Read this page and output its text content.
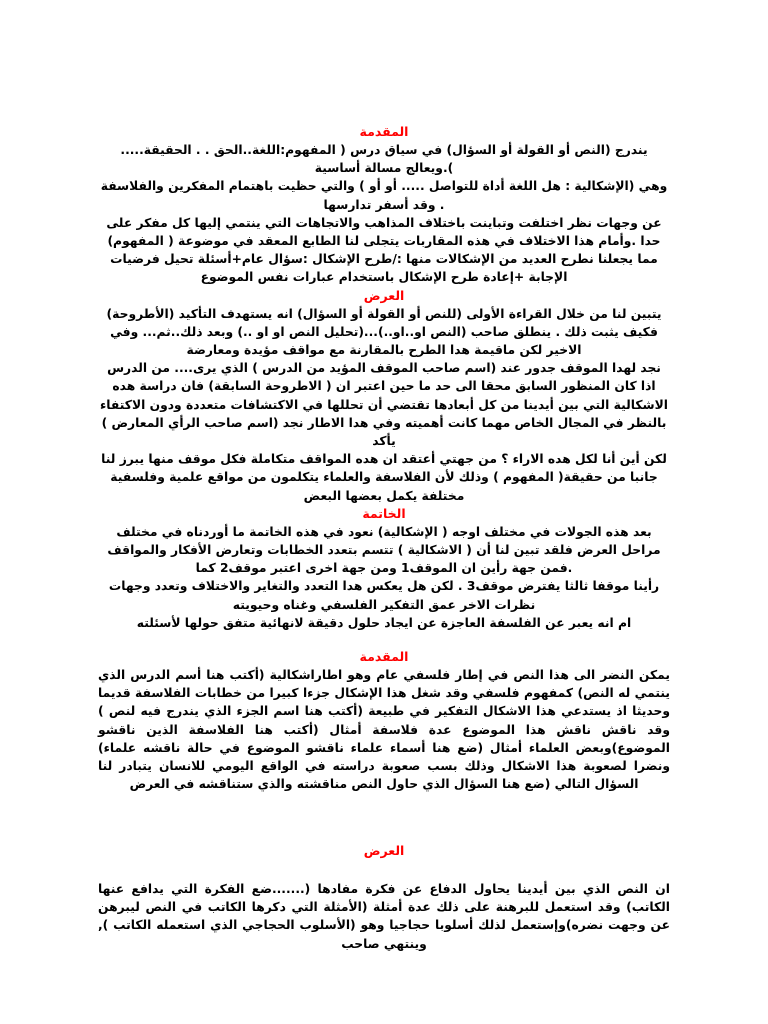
المقدمة

يندرج (النص أو القولة أو السؤال) في سياق درس ( المفهوم:اللغة..الحق . . الحقيقة..... ).ويعالج مسالة أساسية

وهي (الإشكالية : هل اللغة أداة للتواصل ..... أو أو ) والتي حظيت باهتمام المفكرين والفلاسفة . وقد أسفر تدارسها

عن وجهات نظر اختلفت وتباينت باختلاف المذاهب والاتجاهات التي ينتمي إليها كل مفكر على حدا .وأمام هذا الاختلاف في هذه المقاربات يتجلى لنا الطابع المعقد في موضوعة ( المفهوم) مما يجعلنا نطرح العديد من الإشكالات منها :/طرح الإشكال :سؤال عام+أسئلة تحيل فرضيات الإجابة +إعادة طرح الإشكال باستخدام عبارات نفس الموضوع

العرض

يتبين لنا من خلال القراءة الأولى (للنص أو القولة أو السؤال) انه يستهدف التأكيد (الأطروحة) فكيف يثبت ذلك . ينطلق صاحب (النص او..او..)...(تحليل النص او او ..) وبعد ذلك..ثم... وفي الاخير لكن ماقيمة هدا الطرح بالمقارنة مع مواقف مؤيدة ومعارضة

نجد لهدا الموقف جدور عند (اسم صاحب الموقف المؤيد من الدرس ) الذي يرى.... من الدرس اذا كان المنظور السابق محقا الى حد ما حين اعتبر ان ( الاطروحة السابقة) فان دراسة هده الاشكالية التي بين أيدينا من كل أبعادها تقتضي أن تحللها في الاكتشافات متعددة ودون الاكتفاء بالنظر في المجال الخاص مهما كانت أهميته وفي هدا الاطار نجد (اسم صاحب الرأي المعارض ) يأكد

لكن أين أنا لكل هده الاراء ؟ من جهتي أعتقد ان هده المواقف متكاملة فكل موقف منها يبرز لنا جانبا من حقيقة( المفهوم ) وذلك لأن الفلاسفة والعلماء يتكلمون من مواقع علمية وفلسفية مختلفة يكمل بعضها البعض

الخاتمة

بعد هذه الجولات في مختلف اوجه ( الإشكالية) نعود في هذه الخاتمة ما أوردناه في مختلف مراحل العرض فلقد تبين لنا أن ( الاشكالية ) تتسم بتعدد الخطابات وتعارض الأفكار والمواقف .فمن جهة رأين ان الموقف1 ومن جهة اخرى اعتبر موقف2 كما

رأينا موقفا ثالثا يفترض موقف3 . لكن هل يعكس هدا التعدد والتغاير والاختلاف وتعدد وجهات نظرات الاخر عمق التفكير الفلسفي وغناه وحيويته

ام انه يعبر عن الفلسفة العاجزة عن ايجاد حلول دقيقة لانهائية متفق حولها لأسئلته

المقدمة

يمكن النضر الى هذا النص في إطار فلسفي عام وهو اطاراشكالية (أكتب هنا أسم الدرس الذي ينتمي له النص) كمفهوم فلسفي وقد شغل هذا الإشكال جزءا كبيرا من خطابات الفلاسفة قديما وحديثا اذ يستدعي هذا الاشكال التفكير في طبيعة (أكتب هنا اسم الجزء الذي يندرج فيه لنص ) وقد ناقش ناقش هذا الموضوع عدة فلاسفة أمثال (أكتب هنا الفلاسفة الذين ناقشو الموضوع)وبعض العلماء أمثال (ضع هنا أسماء علماء ناقشو الموضوع في حالة ناقشه علماء) ونضرا لصعوبة هذا الاشكال وذلك بسب صعوبة دراسته في الواقع اليومي للانسان يتبادر لنا السؤال التالي (ضع هنا السؤال الذي حاول النص مناقشته والذي ستناقشه في العرض

العرض

ان النص الذي بين أيدينا يحاول الدفاع عن فكرة مفادها (.......ضع الفكرة التي يدافع عنها الكاتب) وقد استعمل للبرهنة على ذلك عدة أمثلة (الأمثلة التي دكرها الكاتب في النص ليبرهن عن وجهت نضره)وإستعمل لذلك أسلوبا حجاجيا وهو (الأسلوب الحجاجي الذي استعمله الكاتب ), وينتهي صاحب
